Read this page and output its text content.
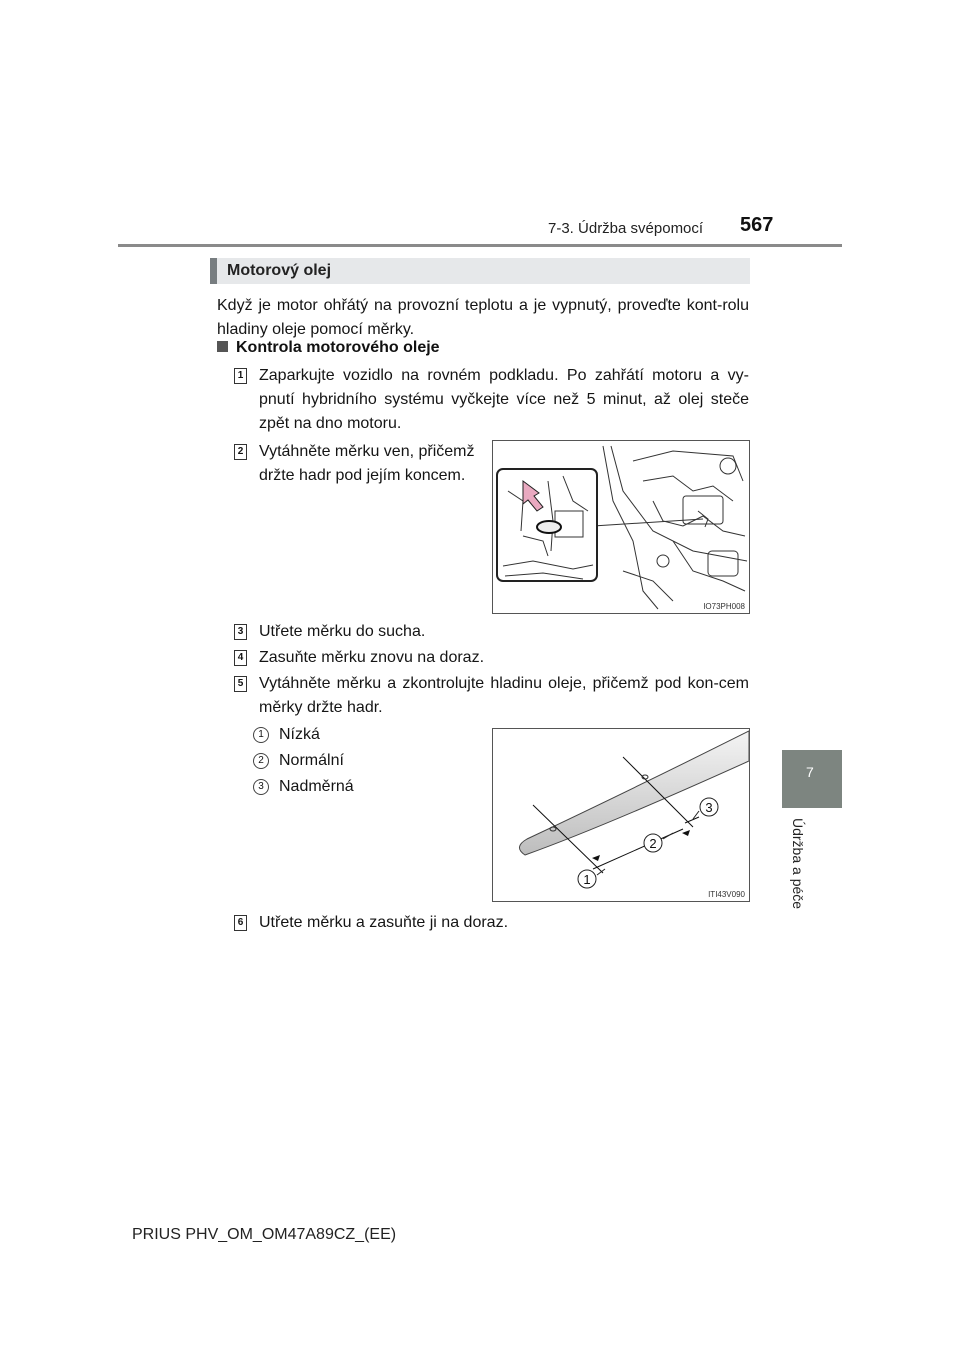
7-3. Údržba svépomocí 567
7
Údržba a péče
Motorový olej
Když je motor ohřátý na provozní teplotu a je vypnutý, proveďte kont-rolu hladiny oleje pomocí měrky.
Kontrola motorového oleje
1 Zaparkujte vozidlo na rovném podkladu. Po zahřátí motoru a vy-pnutí hybridního systému vyčkejte více než 5 minut, až olej steče zpět na dno motoru.
2 Vytáhněte měrku ven, přičemž držte hadr pod jejím koncem.
IO73PH008
3 Utřete měrku do sucha.
4 Zasuňte měrku znovu na doraz.
5 Vytáhněte měrku a zkontrolujte hladinu oleje, přičemž pod kon-cem měrky držte hadr.
1 Nízká
2 Normální
3 Nadměrná
1
2
3
ITI43V090
6 Utřete měrku a zasuňte ji na doraz.
PRIUS PHV_OM_OM47A89CZ_(EE)
